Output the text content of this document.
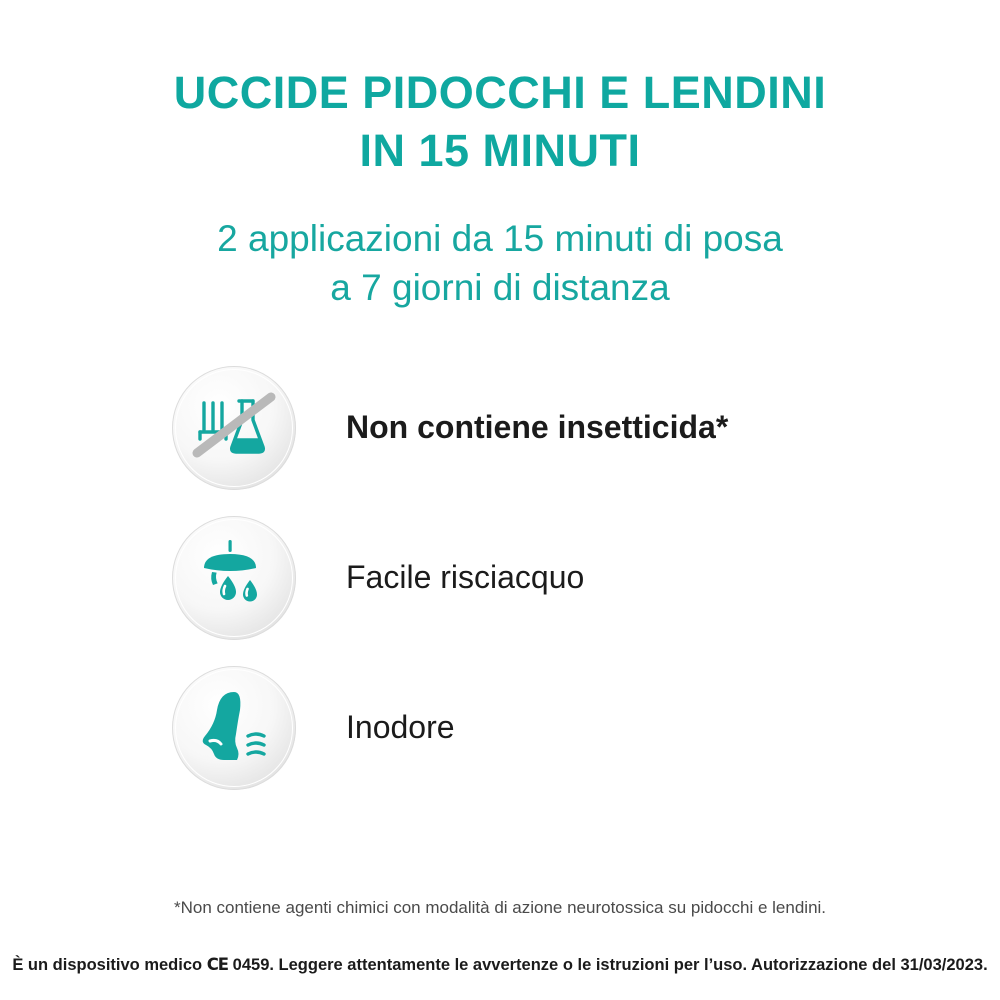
UCCIDE PIDOCCHI E LENDINI
IN 15 MINUTI
2 applicazioni da 15 minuti di posa
a 7 giorni di distanza
Non contiene insetticida*
Facile risciacquo
Inodore
*Non contiene agenti chimici con modalità di azione neurotossica su pidocchi e lendini.
È un dispositivo medico CE 0459. Leggere attentamente le avvertenze o le istruzioni per l’uso. Autorizzazione del 31/03/2023.
